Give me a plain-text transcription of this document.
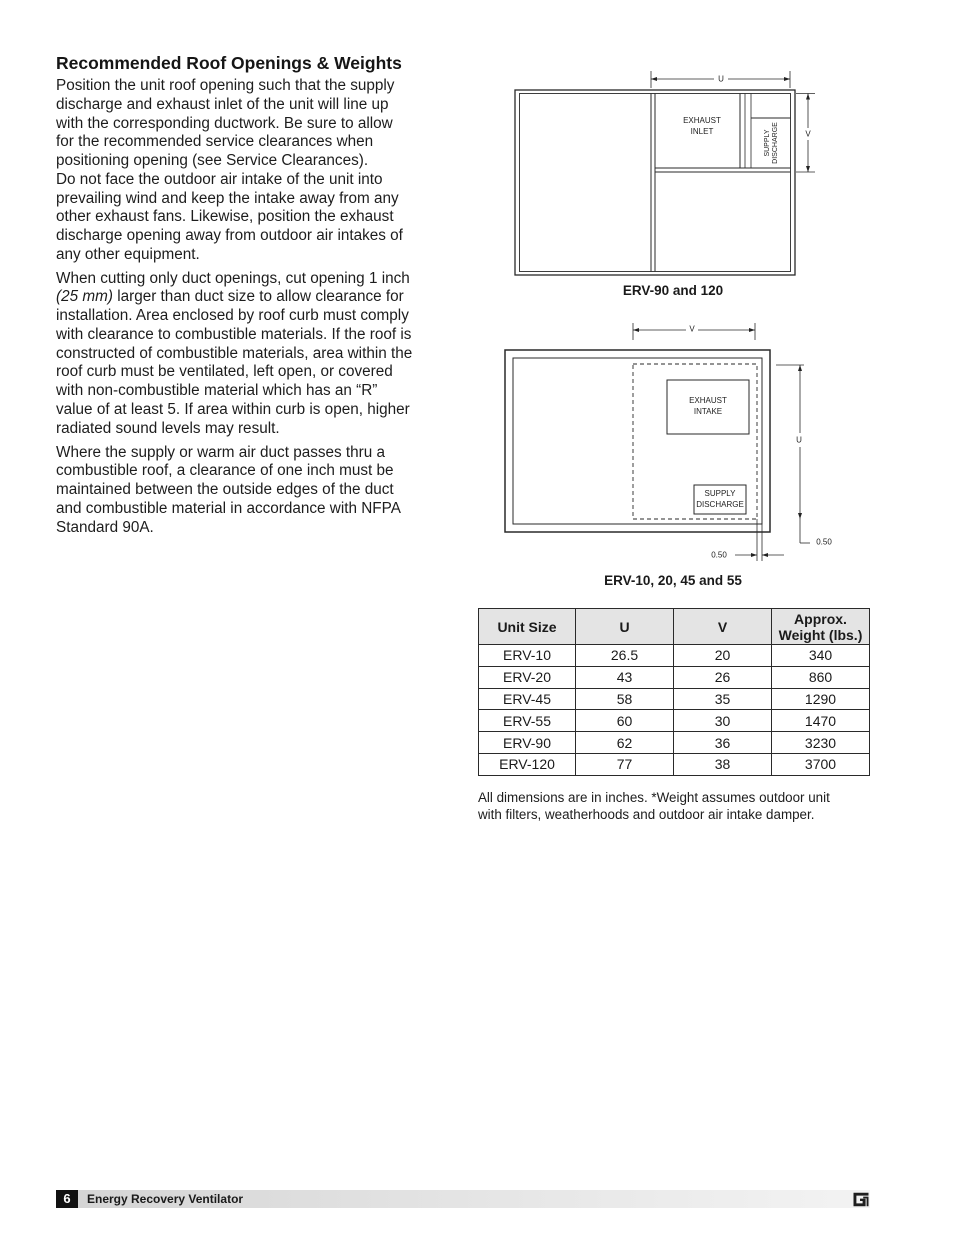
Recommended Roof Openings & Weights
Position the unit roof opening such that the supply
discharge and exhaust inlet of the unit will line up
with the corresponding ductwork. Be sure to allow
for the recommended service clearances when
positioning opening (see Service Clearances).
Do not face the outdoor air intake of the unit into
prevailing wind and keep the intake away from any
other exhaust fans. Likewise, position the exhaust
discharge opening away from outdoor air intakes of
any other equipment.
When cutting only duct openings, cut opening 1 inch
(25 mm) larger than duct size to allow clearance for
installation. Area enclosed by roof curb must comply
with clearance to combustible materials. If the roof is
constructed of combustible materials, area within the
roof curb must be ventilated, left open, or covered
with non-combustible material which has an “R”
value of at least 5. If area within curb is open, higher
radiated sound levels may result.
Where the supply or warm air duct passes thru a
combustible roof, a clearance of one inch must be
maintained between the outside edges of the duct
and combustible material in accordance with NFPA
Standard 90A.
EXHAUST
INLET	SUPPLY DISCHARGE
U
V
ERV-90 and 120
EXHAUST
INTAKE
SUPPLY
DISCHARGE
V
U
0.50
0.50
ERV-10, 20, 45 and 55
Unit Size	U	V	Approx.
Weight (lbs.)

ERV-10	26.5	20	340
ERV-20	43	26	860
ERV-45	58	35	1290
ERV-55	60	30	1470
ERV-90	62	36	3230
ERV-120	77	38	3700
All dimensions are in inches. *Weight assumes outdoor unit
with filters, weatherhoods and outdoor air intake damper.
6	Energy Recovery Ventilator
